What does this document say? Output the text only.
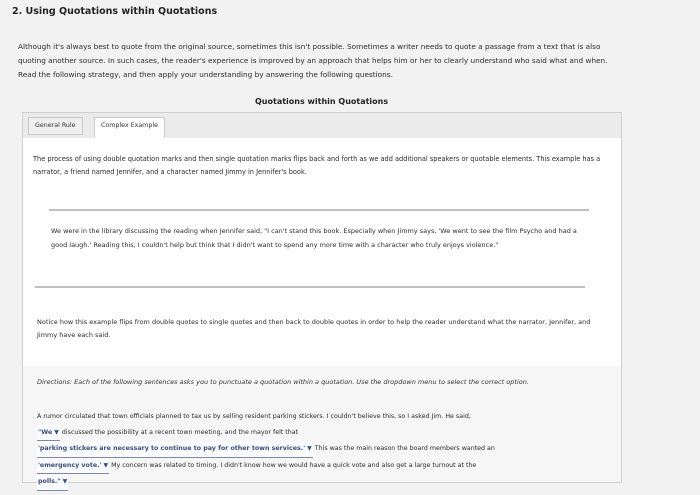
2. Using Quotations within Quotations
Although it's always best to quote from the original source, sometimes this isn't possible. Sometimes a writer needs to quote a passage from a text that is also quoting another source. In such cases, the reader's experience is improved by an approach that helps him or her to clearly understand who said what and when. Read the following strategy, and then apply your understanding by answering the following questions.
Quotations within Quotations
General Rule	Complex Example
The process of using double quotation marks and then single quotation marks flips back and forth as we add additional speakers or quotable elements. This example has a narrator, a friend named Jennifer, and a character named Jimmy in Jennifer's book.
We were in the library discussing the reading when Jennifer said, "I can't stand this book. Especially when Jimmy says, 'We went to see the film Psycho and had a good laugh.' Reading this, I couldn't help but think that I didn't want to spend any more time with a character who truly enjoys violence."
Notice how this example flips from double quotes to single quotes and then back to double quotes in order to help the reader understand what the narrator, Jennifer, and Jimmy have each said.
Directions: Each of the following sentences asks you to punctuate a quotation within a quotation. Use the dropdown menu to select the correct option.
A rumor circulated that town officials planned to tax us by selling resident parking stickers. I couldn't believe this, so I asked Jim. He said,
"We ▼ discussed the possibility at a recent town meeting, and the mayor felt that
'parking stickers are necessary to continue to pay for other town services.' ▼ This was the main reason the board members wanted an
'emergency vote.' ▼ My concern was related to timing. I didn't know how we would have a quick vote and also get a large turnout at the
polls." ▼
